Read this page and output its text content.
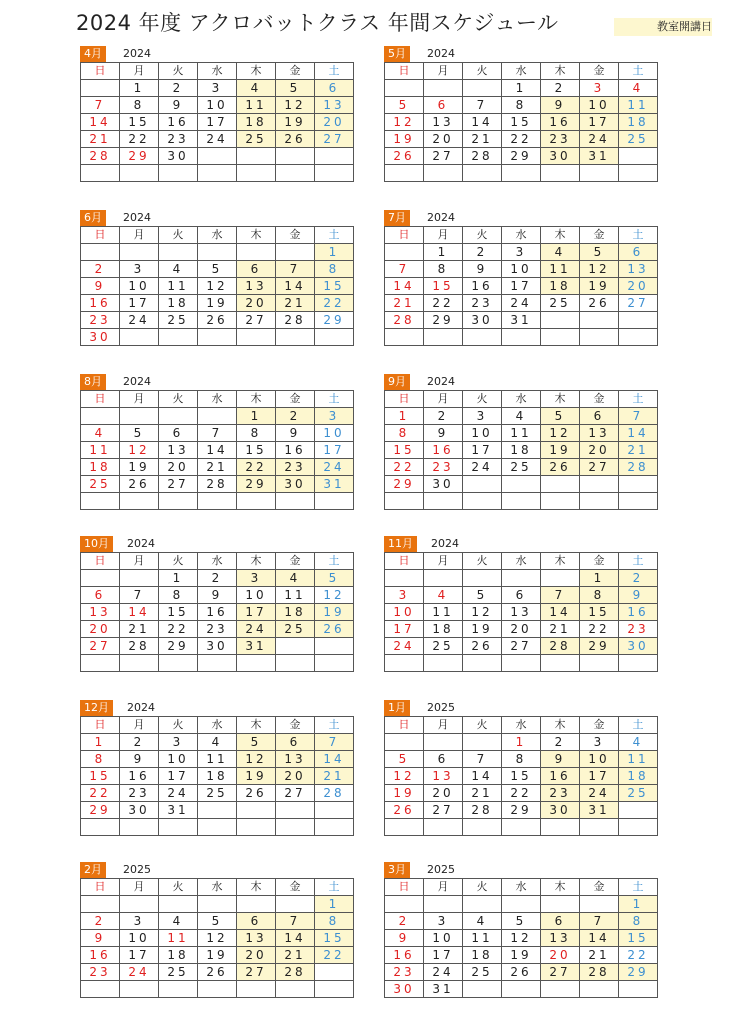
2024 年度 アクロバットクラス 年間スケジュール	教室開講日
4月	2024
日	月	火	水	木	金	土
	1	2	3	4	5	6
7	8	9	10	11	12	13
14	15	16	17	18	19	20
21	22	23	24	25	26	27
28	29	30				

5月	2024
日	月	火	水	木	金	土
			1	2	3	4
5	6	7	8	9	10	11
12	13	14	15	16	17	18
19	20	21	22	23	24	25
26	27	28	29	30	31	

6月	2024
日	月	火	水	木	金	土
						1
2	3	4	5	6	7	8
9	10	11	12	13	14	15
16	17	18	19	20	21	22
23	24	25	26	27	28	29
30						
7月	2024
日	月	火	水	木	金	土
	1	2	3	4	5	6
7	8	9	10	11	12	13
14	15	16	17	18	19	20
21	22	23	24	25	26	27
28	29	30	31			

8月	2024
日	月	火	水	木	金	土
				1	2	3
4	5	6	7	8	9	10
11	12	13	14	15	16	17
18	19	20	21	22	23	24
25	26	27	28	29	30	31

9月	2024
日	月	火	水	木	金	土
1	2	3	4	5	6	7
8	9	10	11	12	13	14
15	16	17	18	19	20	21
22	23	24	25	26	27	28
29	30					

10月	2024
日	月	火	水	木	金	土
		1	2	3	4	5
6	7	8	9	10	11	12
13	14	15	16	17	18	19
20	21	22	23	24	25	26
27	28	29	30	31		

11月	2024
日	月	火	水	木	金	土
					1	2
3	4	5	6	7	8	9
10	11	12	13	14	15	16
17	18	19	20	21	22	23
24	25	26	27	28	29	30

12月	2024
日	月	火	水	木	金	土
1	2	3	4	5	6	7
8	9	10	11	12	13	14
15	16	17	18	19	20	21
22	23	24	25	26	27	28
29	30	31				

1月	2025
日	月	火	水	木	金	土
			1	2	3	4
5	6	7	8	9	10	11
12	13	14	15	16	17	18
19	20	21	22	23	24	25
26	27	28	29	30	31	

2月	2025
日	月	火	水	木	金	土
						1
2	3	4	5	6	7	8
9	10	11	12	13	14	15
16	17	18	19	20	21	22
23	24	25	26	27	28	

3月	2025
日	月	火	水	木	金	土
						1
2	3	4	5	6	7	8
9	10	11	12	13	14	15
16	17	18	19	20	21	22
23	24	25	26	27	28	29
30	31					
